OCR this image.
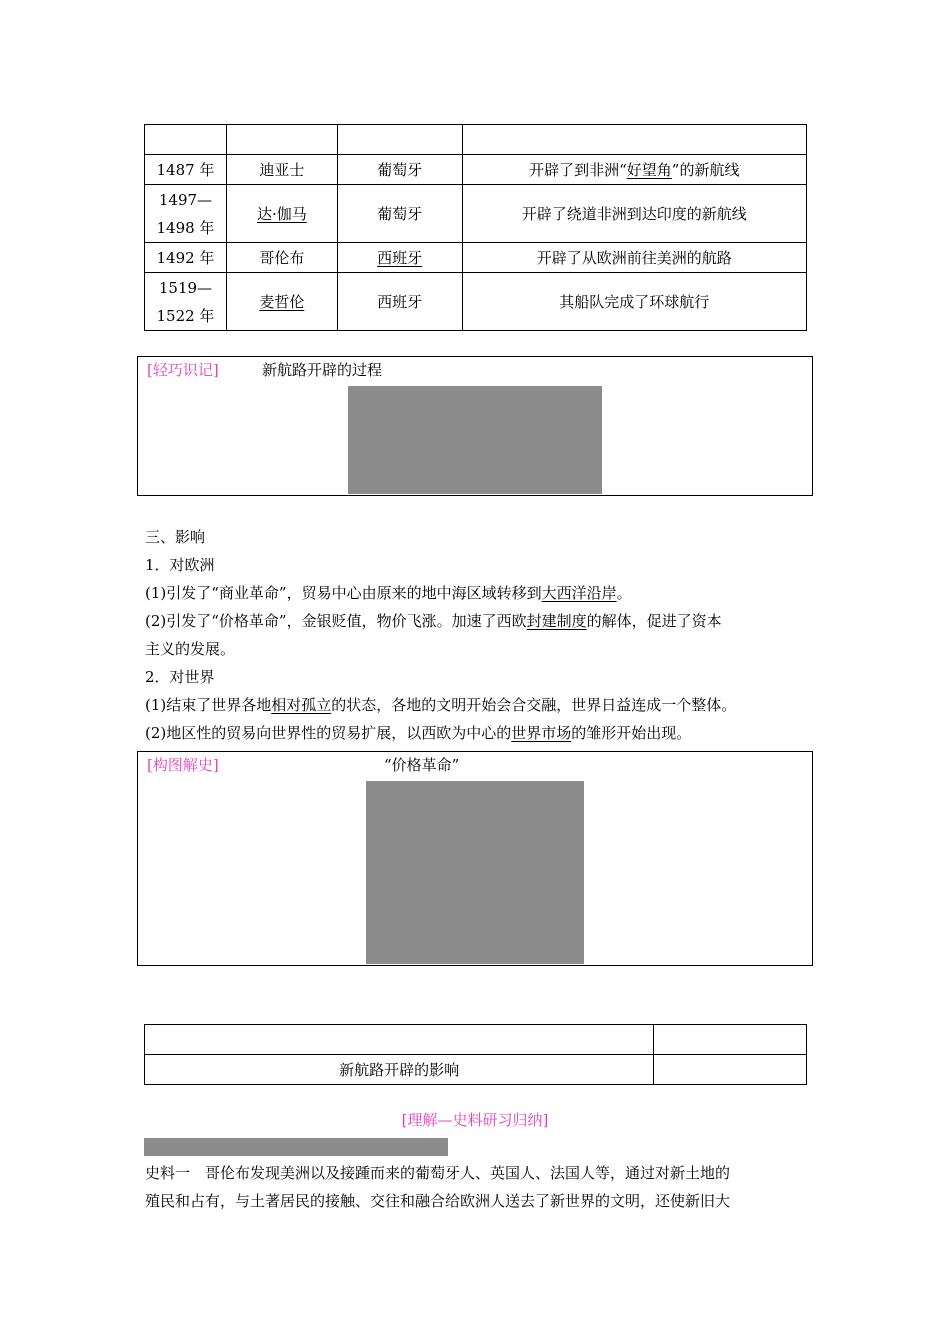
1487 年	迪亚士	葡萄牙	开辟了到非洲“好望角”的新航线

1497—
1498 年	达·伽马	葡萄牙	开辟了绕道非洲到达印度的新航线
1492 年	哥伦布	西班牙	开辟了从欧洲前往美洲的航路

1519—
1522 年	麦哲伦	西班牙	其船队完成了环球航行
[轻巧识记]	新航路开辟的过程
三、影响
1．对欧洲
(1)引发了“商业革命”，贸易中心由原来的地中海区域转移到大西洋沿岸。
(2)引发了“价格革命”，金银贬值，物价飞涨。加速了西欧封建制度的解体，促进了资本
主义的发展。
2．对世界
(1)结束了世界各地相对孤立的状态，各地的文明开始会合交融，世界日益连成一个整体。
(2)地区性的贸易向世界性的贸易扩展，以西欧为中心的世界市场的雏形开始出现。
[构图解史]	“价格革命”

新航路开辟的影响	
[理解—史料研习归纳]
史料一　哥伦布发现美洲以及接踵而来的葡萄牙人、英国人、法国人等，通过对新土地的
殖民和占有，与土著居民的接触、交往和融合给欧洲人送去了新世界的文明，还使新旧大
